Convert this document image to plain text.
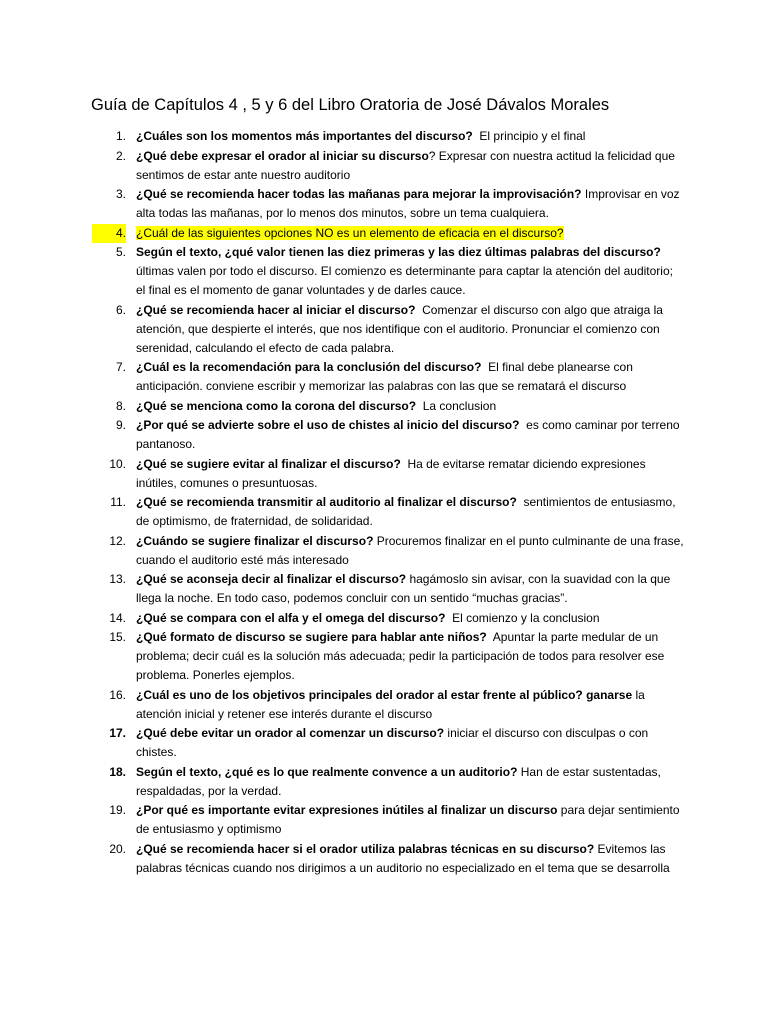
Guía de Capítulos 4 , 5 y 6 del Libro Oratoria de José Dávalos Morales
1. ¿Cuáles son los momentos más importantes del discurso? El principio y el final
2. ¿Qué debe expresar el orador al iniciar su discurso? Expresar con nuestra actitud la felicidad que sentimos de estar ante nuestro auditorio
3. ¿Qué se recomienda hacer todas las mañanas para mejorar la improvisación? Improvisar en voz alta todas las mañanas, por lo menos dos minutos, sobre un tema cualquiera.
4. ¿Cuál de las siguientes opciones NO es un elemento de eficacia en el discurso?
5. Según el texto, ¿qué valor tienen las diez primeras y las diez últimas palabras del discurso?  últimas valen por todo el discurso. El comienzo es determinante para captar la atención del auditorio; el final es el momento de ganar voluntades y de darles cauce.
6. ¿Qué se recomienda hacer al iniciar el discurso? Comenzar el discurso con algo que atraiga la atención, que despierte el interés, que nos identifique con el auditorio. Pronunciar el comienzo con serenidad, calculando el efecto de cada palabra.
7. ¿Cuál es la recomendación para la conclusión del discurso? El final debe planearse con anticipación. conviene escribir y memorizar las palabras con las que se rematará el discurso
8. ¿Qué se menciona como la corona del discurso? La conclusion
9. ¿Por qué se advierte sobre el uso de chistes al inicio del discurso? es como caminar por terreno pantanoso.
10. ¿Qué se sugiere evitar al finalizar el discurso? Ha de evitarse rematar diciendo expresiones inútiles, comunes o presuntuosas.
11. ¿Qué se recomienda transmitir al auditorio al finalizar el discurso? sentimientos de entusiasmo, de optimismo, de fraternidad, de solidaridad.
12. ¿Cuándo se sugiere finalizar el discurso? Procuremos finalizar en el punto culminante de una frase, cuando el auditorio esté más interesado
13. ¿Qué se aconseja decir al finalizar el discurso? hagámoslo sin avisar, con la suavidad con la que llega la noche. En todo caso, podemos concluir con un sentido “muchas gracias”.
14. ¿Qué se compara con el alfa y el omega del discurso? El comienzo y la conclusion
15. ¿Qué formato de discurso se sugiere para hablar ante niños? Apuntar la parte medular de un problema; decir cuál es la solución más adecuada; pedir la participación de todos para resolver ese problema. Ponerles ejemplos.
16. ¿Cuál es uno de los objetivos principales del orador al estar frente al público? ganarse la atención inicial y retener ese interés durante el discurso
17. ¿Qué debe evitar un orador al comenzar un discurso? iniciar el discurso con disculpas o con chistes.
18. Según el texto, ¿qué es lo que realmente convence a un auditorio? Han de estar sustentadas, respaldadas, por la verdad.
19. ¿Por qué es importante evitar expresiones inútiles al finalizar un discurso para dejar sentimiento de entusiasmo y optimismo
20. ¿Qué se recomienda hacer si el orador utiliza palabras técnicas en su discurso? Evitemos las palabras técnicas cuando nos dirigimos a un auditorio no especializado en el tema que se desarrolla
